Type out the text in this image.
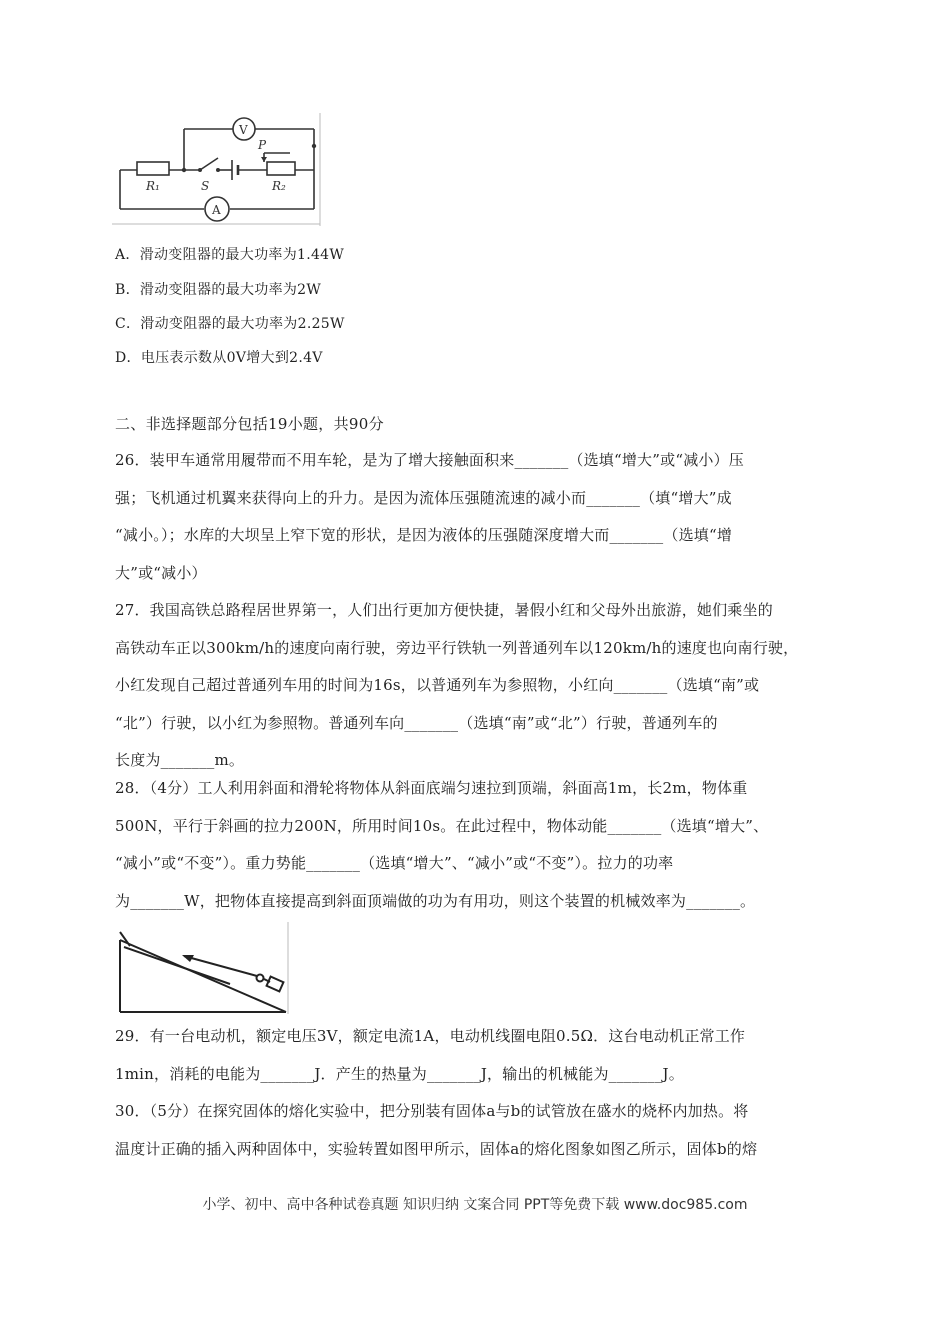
V
A
P
R₁	S	R₂
A．滑动变阻器的最大功率为1.44W
B．滑动变阻器的最大功率为2W
C．滑动变阻器的最大功率为2.25W
D．电压表示数从0V增大到2.4V
二、非选择题部分包括19小题，共90分
26．装甲车通常用履带而不用车轮，是为了增大接触面积来_______（选填“增大”或“减小）压
强；飞机通过机翼来获得向上的升力。是因为流体压强随流速的减小而_______（填“增大”成
“减小。）；水库的大坝呈上窄下宽的形状，是因为液体的压强随深度增大而_______（选填“增
大”或“减小）
27．我国高铁总路程居世界第一，人们出行更加方便快捷，暑假小红和父母外出旅游，她们乘坐的
高铁动车正以300km/h的速度向南行驶，旁边平行铁轨一列普通列车以120km/h的速度也向南行驶，
小红发现自己超过普通列车用的时间为16s，以普通列车为参照物，小红向_______（选填“南”或
“北”）行驶，以小红为参照物。普通列车向_______（选填“南”或“北”）行驶，普通列车的
长度为_______m。
28．（4分）工人利用斜面和滑轮将物体从斜面底端匀速拉到顶端，斜面高1m，长2m，物体重
500N，平行于斜画的拉力200N，所用时间10s。在此过程中，物体动能_______（选填“增大”、
“减小”或“不变”）。重力势能_______（选填“增大”、“减小”或“不变”）。拉力的功率
为_______W，把物体直接提高到斜面顶端做的功为有用功，则这个装置的机械效率为_______。
29．有一台电动机，额定电压3V，额定电流1A，电动机线圈电阻0.5Ω．这台电动机正常工作
1min，消耗的电能为_______J．产生的热量为_______J，输出的机械能为_______J。
30．（5分）在探究固体的熔化实验中，把分别装有固体a与b的试管放在盛水的烧杯内加热。将
温度计正确的插入两种固体中，实验转置如图甲所示，固体a的熔化图象如图乙所示，固体b的熔
小学、初中、高中各种试卷真题 知识归纳 文案合同 PPT等免费下载 www.doc985.com
